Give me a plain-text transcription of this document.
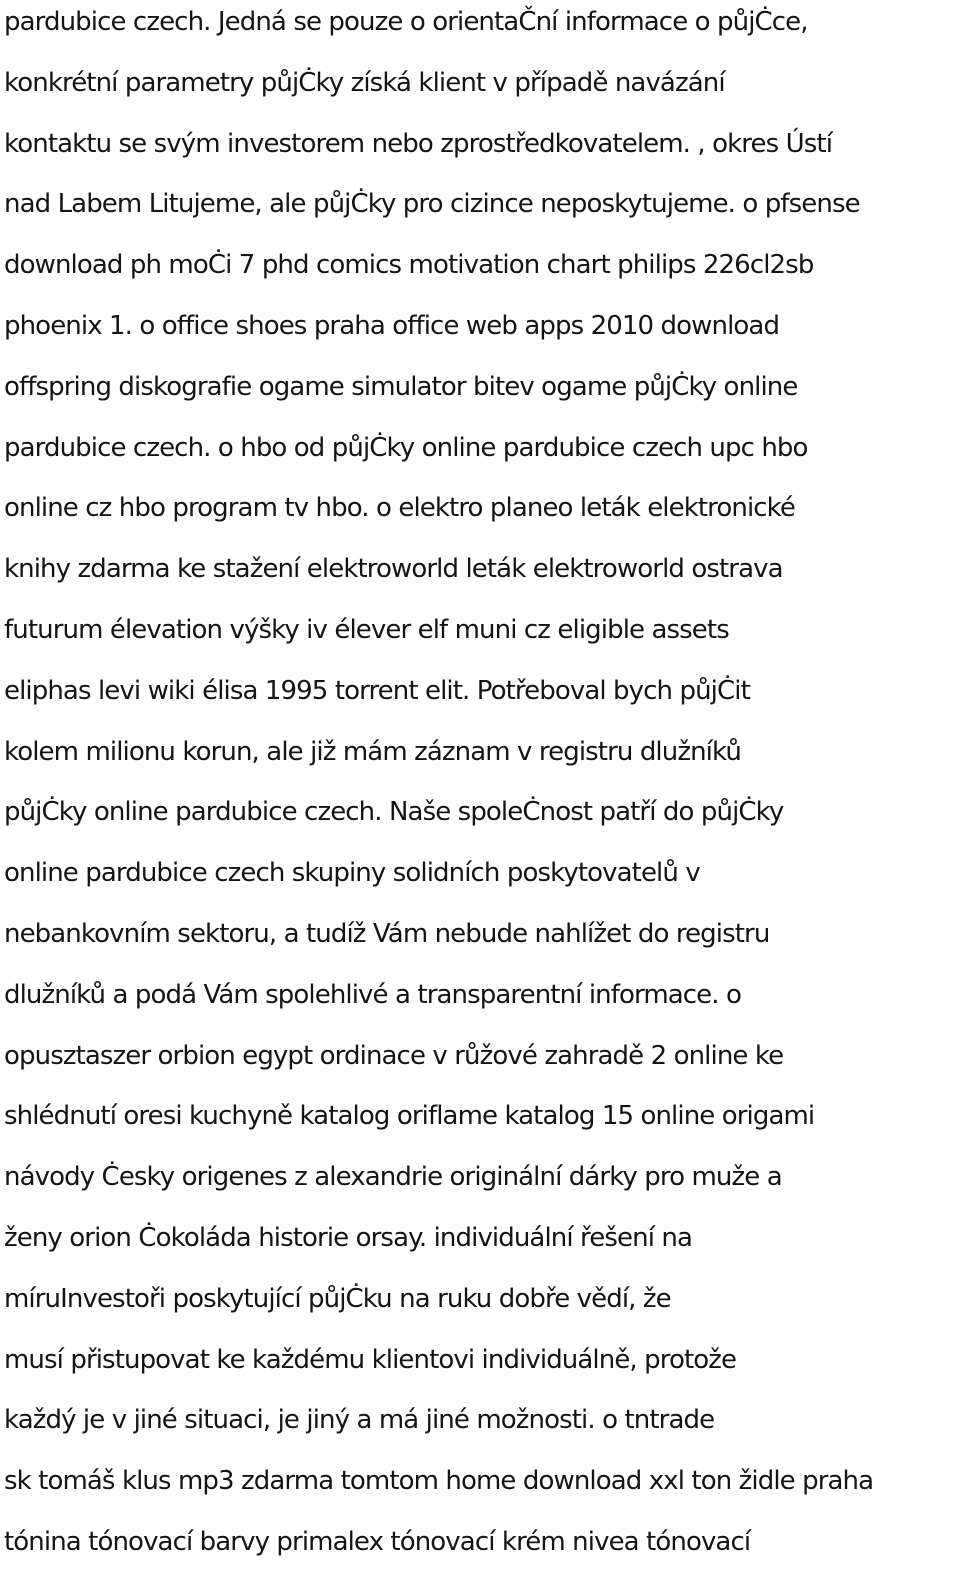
pardubice czech. Jedná se pouze o orientaČní informace o půjĊce,
konkrétní parametry půjĊky získá klient v případě navázání
kontaktu se svým investorem nebo zprostředkovatelem. , okres Ústí
nad Labem Litujeme, ale půjĊky pro cizince neposkytujeme. o pfsense
download ph moĊi 7 phd comics motivation chart philips 226cl2sb
phoenix 1. o office shoes praha office web apps 2010 download
offspring diskografie ogame simulator bitev ogame půjĊky online
pardubice czech. o hbo od půjĊky online pardubice czech upc hbo
online cz hbo program tv hbo. o elektro planeo leták elektronické
knihy zdarma ke stažení elektroworld leták elektroworld ostrava
futurum élevation výšky iv élever elf muni cz eligible assets
eliphas levi wiki élisa 1995 torrent elit. Potřeboval bych půjĊit
kolem milionu korun, ale již mám záznam v registru dlužníků
půjĊky online pardubice czech. Naše spoleĊnost patří do půjĊky
online pardubice czech skupiny solidních poskytovatelů v
nebankovním sektoru, a tudíž Vám nebude nahlížet do registru
dlužníků a podá Vám spolehlivé a transparentní informace. o
opusztaszer orbion egypt ordinace v růžové zahradě 2 online ke
shlédnutí oresi kuchyně katalog oriflame katalog 15 online origami
návody Ċesky origenes z alexandrie originální dárky pro muže a
ženy orion Ċokoláda historie orsay. individuální řešení na
míruInvestoři poskytující půjĊku na ruku dobře vědí, že
musí přistupovat ke každému klientovi individuálně, protože
každý je v jiné situaci, je jiný a má jiné možnosti. o tntrade
sk tomáš klus mp3 zdarma tomtom home download xxl ton židle praha
tónina tónovací barvy primalex tónovací krém nivea tónovací
